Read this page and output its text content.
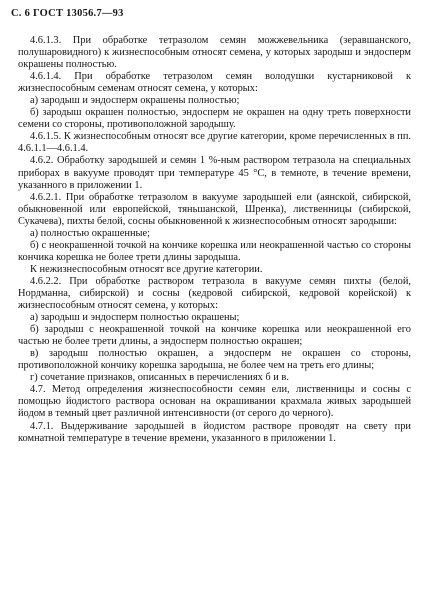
С. 6 ГОСТ 13056.7—93

4.6.1.3. При обработке тетразолом семян можжевельника (зеравшанского, полушаровидного) к жизнеспособным относят семена, у которых зародыш и эндосперм окрашены полностью.

4.6.1.4. При обработке тетразолом семян володушки кустарниковой к жизнеспособным семенам относят семена, у которых:

а) зародыш и эндосперм окрашены полностью;

б) зародыш окрашен полностью, эндосперм не окрашен на одну треть поверхности семени со стороны, противоположной зародышу.

4.6.1.5. К жизнеспособным относят все другие категории, кроме перечисленных в пп. 4.6.1.1—4.6.1.4.

4.6.2. Обработку зародышей и семян 1 %-ным раствором тетразола на специальных приборах в вакууме проводят при температуре 45 °С, в темноте, в течение времени, указанного в приложении 1.

4.6.2.1. При обработке тетразолом в вакууме зародышей ели (аянской, сибирской, обыкновенной или европейской, тяньшанской, Шренка), лиственницы (сибирской, Сукачева), пихты белой, сосны обыкновенной к жизнеспособным относят зародыши:

а) полностью окрашенные;

б) с неокрашенной точкой на кончике корешка или неокрашенной частью со стороны кончика корешка не более трети длины зародыша.

К нежизнеспособным относят все другие категории.

4.6.2.2. При обработке раствором тетразола в вакууме семян пихты (белой, Нордманна, сибирской) и сосны (кедровой сибирской, кедровой корейской) к жизнеспособным относят семена, у которых:

а) зародыш и эндосперм полностью окрашены;

б) зародыш с неокрашенной точкой на кончике корешка или неокрашенной его частью не более трети длины, а эндосперм полностью окрашен;

в) зародыш полностью окрашен, а эндосперм не окрашен со стороны, противоположной кончику корешка зародыша, не более чем на треть его длины;

г) сочетание признаков, описанных в перечислениях б и в.

4.7. Метод определения жизнеспособности семян ели, лиственницы и сосны с помощью йодистого раствора основан на окрашивании крахмала живых зародышей йодом в темный цвет различной интенсивности (от серого до черного).

4.7.1. Выдерживание зародышей в йодистом растворе проводят на свету при комнатной температуре в течение времени, указанного в приложении 1.
